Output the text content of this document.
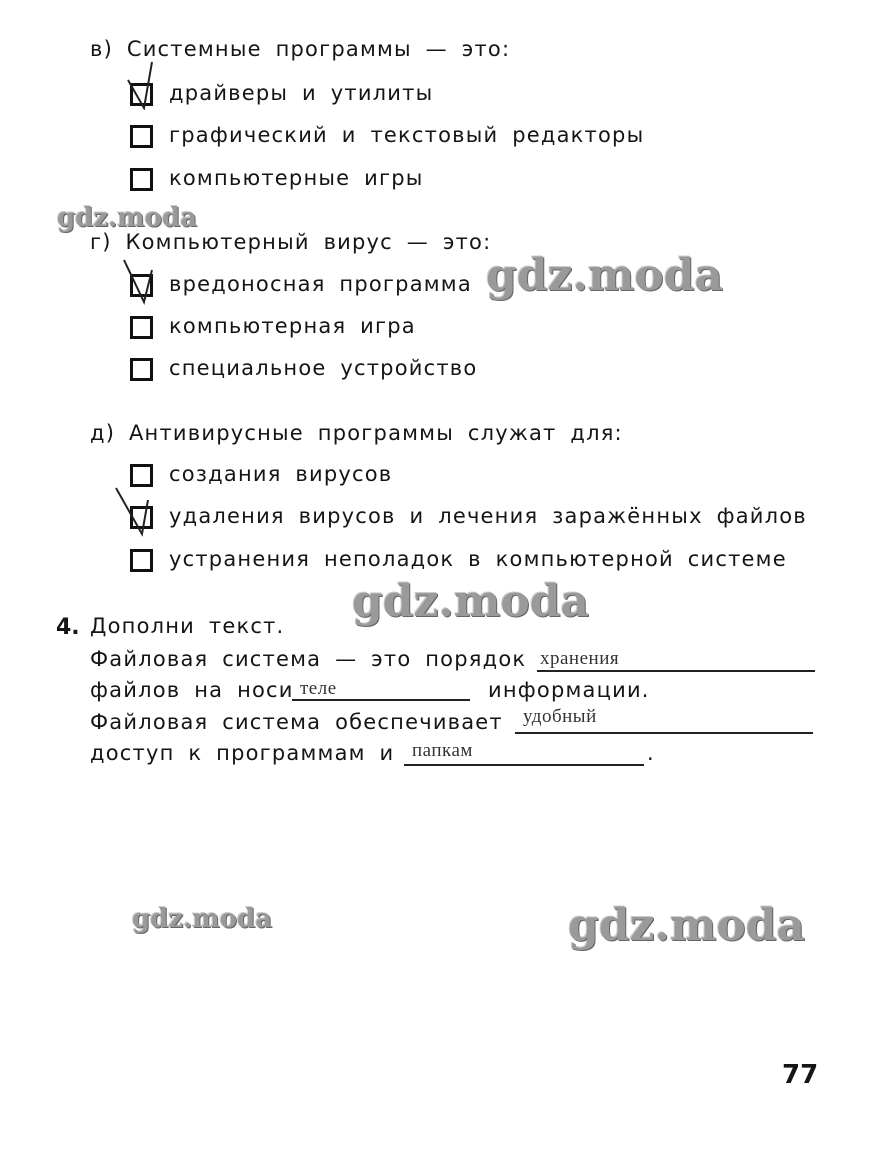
в) Системные программы — это:
драйверы и утилиты
графический и текстовый редакторы
компьютерные игры
г) Компьютерный вирус — это:
вредоносная программа
компьютерная игра
специальное устройство
д) Антивирусные программы служат для:
создания вирусов
удаления вирусов и лечения заражённых файлов
устранения неполадок в компьютерной системе
4. Дополни текст.
Файловая система — это порядок хранения
файлов на носи теле	информации.
Файловая система обеспечивает удобный
доступ к программам и папкам	.
gdz.moda
gdz.moda
gdz.moda
gdz.moda	gdz.moda
77
